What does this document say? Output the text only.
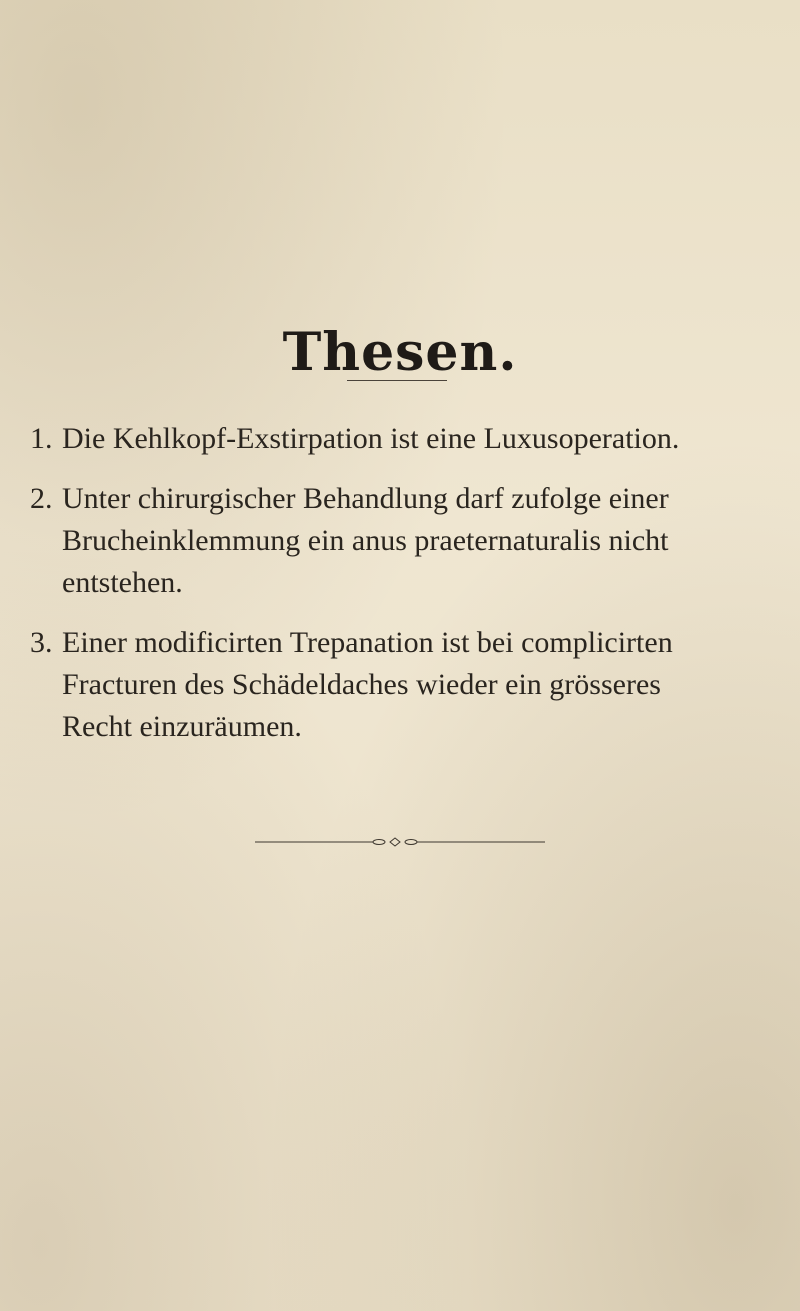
Thesen.
1. Die Kehlkopf-Exstirpation ist eine Luxusoperation.
2. Unter chirurgischer Behandlung darf zufolge einer Brucheinklemmung ein anus praeternaturalis nicht entstehen.
3. Einer modificirten Trepanation ist bei complicirten Fracturen des Schädeldaches wieder ein grösseres Recht einzuräumen.
